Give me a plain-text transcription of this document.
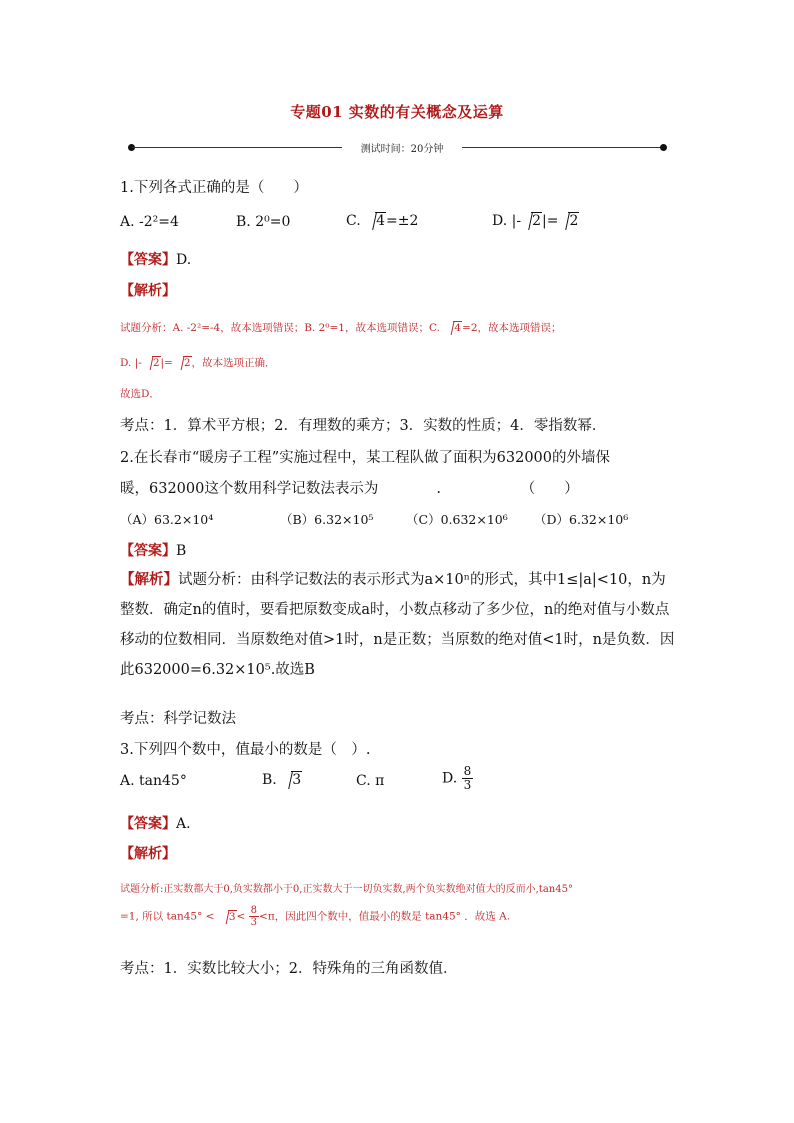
专题01 实数的有关概念及运算
测试时间：20分钟
1.下列各式正确的是（　　）
A. -2²=4	B. 2⁰=0	C. 4=±2	D. |- 2|= 2
【答案】D.
【解析】
试题分析：A. -2²=-4，故本选项错误；B. 2⁰=1，故本选项错误；C. 4=2，故本选项错误；
D. |- 2|= 2，故本选项正确．
故选D．
考点：1．算术平方根；2．有理数的乘方；3．实数的性质；4．零指数幂．
2.在长春市“暖房子工程”实施过程中，某工程队做了面积为632000的外墙保
暖，632000这个数用科学记数法表示为　　　　.　　　　　　（　　）
（A）63.2×10⁴	（B）6.32×10⁵	（C）0.632×10⁶ （D）6.32×10⁶
【答案】B
【解析】试题分析：由科学记数法的表示形式为a×10ⁿ的形式，其中1≤|a|<10，n为整数．确定n的值时，要看把原数变成a时，小数点移动了多少位，n的绝对值与小数点移动的位数相同．当原数绝对值>1时，n是正数；当原数的绝对值<1时，n是负数．因此632000=6.32×10⁵.故选B
考点：科学记数法
3.下列四个数中，值最小的数是（　）.
A. tan45°	B. 3	C. π	D. $\frac{8}{3}$
【答案】A.
【解析】
试题分析:正实数都大于0,负实数都小于0,正实数大于一切负实数,两个负实数绝对值大的反而小,tan45°
=1, 所以 $\tan 45^\circ < 3< \frac{8}{3} <\pi$，因此四个数中，值最小的数是 tan45° ．故选 A.
考点：1．实数比较大小；2．特殊角的三角函数值．
